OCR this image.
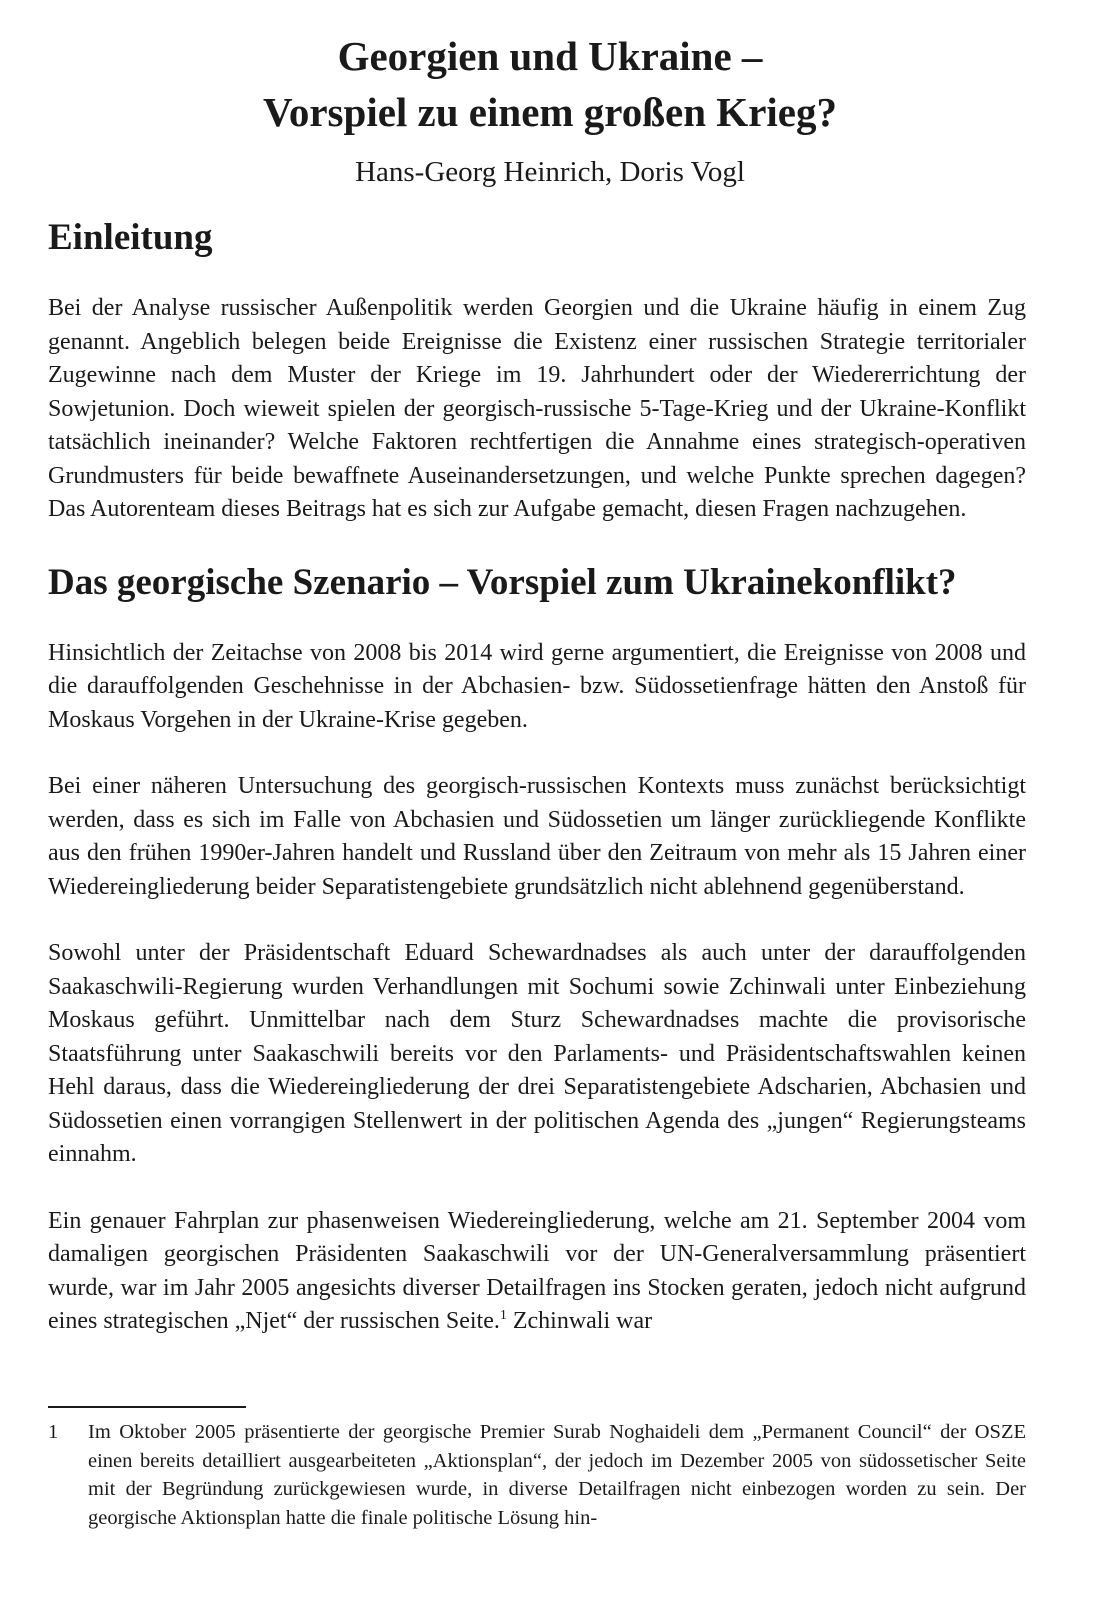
Georgien und Ukraine –
Vorspiel zu einem großen Krieg?

Hans-Georg Heinrich, Doris Vogl

Einleitung

Bei der Analyse russischer Außenpolitik werden Georgien und die Ukraine häufig in einem Zug genannt. Angeblich belegen beide Ereignisse die Existenz einer russischen Strategie territorialer Zugewinne nach dem Muster der Kriege im 19. Jahrhundert oder der Wiedererrichtung der Sowjetunion. Doch wieweit spielen der georgisch-russische 5-Tage-Krieg und der Ukraine-Konflikt tatsächlich ineinander? Welche Faktoren rechtfertigen die Annahme eines strategisch-operativen Grundmusters für beide bewaffnete Auseinandersetzungen, und welche Punkte sprechen dagegen? Das Autorenteam dieses Beitrags hat es sich zur Aufgabe gemacht, diesen Fragen nachzugehen.

Das georgische Szenario – Vorspiel zum Ukrainekonflikt?

Hinsichtlich der Zeitachse von 2008 bis 2014 wird gerne argumentiert, die Ereignisse von 2008 und die darauffolgenden Geschehnisse in der Abchasien- bzw. Südossetienfrage hätten den Anstoß für Moskaus Vorgehen in der Ukraine-Krise gegeben.

Bei einer näheren Untersuchung des georgisch-russischen Kontexts muss zunächst berücksichtigt werden, dass es sich im Falle von Abchasien und Südossetien um länger zurückliegende Konflikte aus den frühen 1990er-Jahren handelt und Russland über den Zeitraum von mehr als 15 Jahren einer Wiedereingliederung beider Separatistengebiete grundsätzlich nicht ablehnend gegenüberstand.

Sowohl unter der Präsidentschaft Eduard Schewardnadses als auch unter der darauffolgenden Saakaschwili-Regierung wurden Verhandlungen mit Sochumi sowie Zchinwali unter Einbeziehung Moskaus geführt. Unmittelbar nach dem Sturz Schewardnadses machte die provisorische Staatsführung unter Saakaschwili bereits vor den Parlaments- und Präsidentschaftswahlen keinen Hehl daraus, dass die Wiedereingliederung der drei Separatistengebiete Adscharien, Abchasien und Südossetien einen vorrangigen Stellenwert in der politischen Agenda des „jungen“ Regierungsteams einnahm.

Ein genauer Fahrplan zur phasenweisen Wiedereingliederung, welche am 21. September 2004 vom damaligen georgischen Präsidenten Saakaschwili vor der UN-Generalversammlung präsentiert wurde, war im Jahr 2005 angesichts diverser Detailfragen ins Stocken geraten, jedoch nicht aufgrund eines strategischen „Njet“ der russischen Seite.$^1$ Zchinwali war

1 Im Oktober 2005 präsentierte der georgische Premier Surab Noghaideli dem „Permanent Council“ der OSZE einen bereits detailliert ausgearbeiteten „Aktionsplan“, der jedoch im Dezember 2005 von südossetischer Seite mit der Begründung zurückgewiesen wurde, in diverse Detailfragen nicht einbezogen worden zu sein. Der georgische Aktionsplan hatte die finale politische Lösung hin-
